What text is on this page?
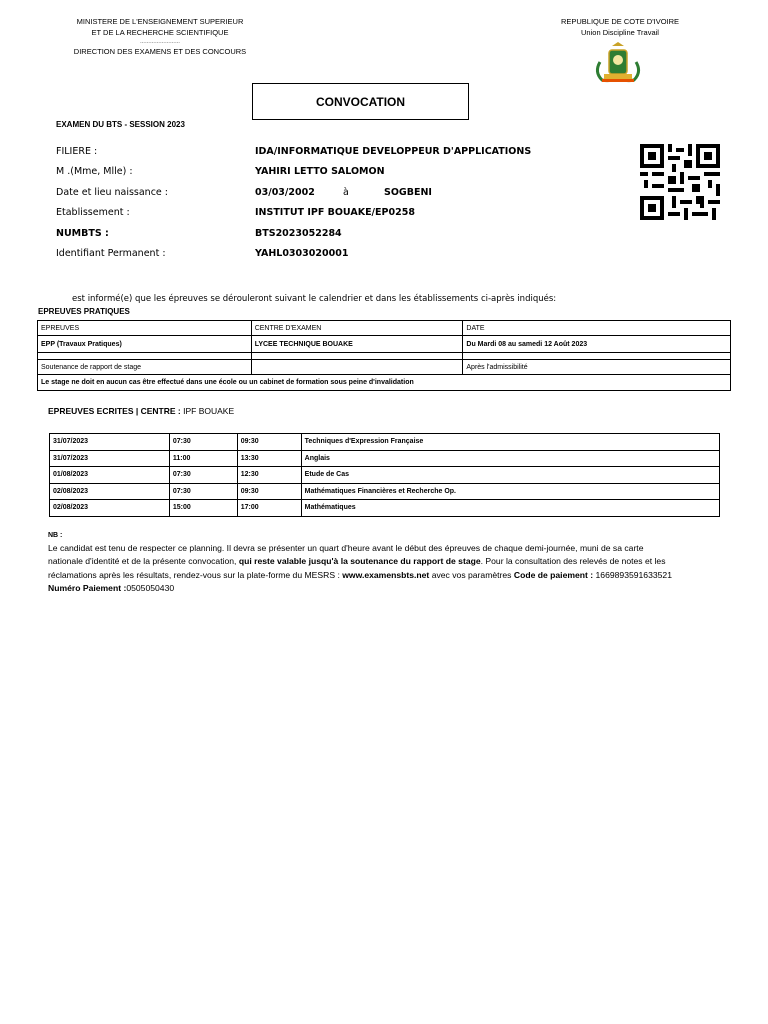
MINISTERE DE L'ENSEIGNEMENT SUPERIEUR
ET DE LA RECHERCHE SCIENTIFIQUE
……………………
DIRECTION DES EXAMENS ET DES CONCOURS
REPUBLIQUE DE COTE D'IVOIRE
Union Discipline Travail
CONVOCATION
EXAMEN DU BTS - SESSION 2023
FILIERE :	IDA/INFORMATIQUE DEVELOPPEUR D'APPLICATIONS
M .(Mme, Mlle) :	YAHIRI LETTO SALOMON
Date et lieu naissance :	03/03/2002	à	SOGBENI
Etablissement :	INSTITUT IPF BOUAKE/EP0258
NUMBTS :	BTS2023052284
Identifiant Permanent :	YAHL0303020001
est informé(e) que les épreuves se dérouleront suivant le calendrier et dans les établissements ci-après indiqués:
EPREUVES PRATIQUES
EPREUVES	CENTRE D'EXAMEN	DATE
EPP (Travaux Pratiques)	LYCEE TECHNIQUE BOUAKE	Du Mardi 08 au samedi 12 Août 2023

Soutenance de rapport de stage		Après l'admissibilité
Le stage ne doit en aucun cas être effectué dans une école ou un cabinet de formation sous peine d'invalidation		
EPREUVES ECRITES | CENTRE : IPF BOUAKE
31/07/2023	07:30	09:30	Techniques d'Expression Française
31/07/2023	11:00	13:30	Anglais
01/08/2023	07:30	12:30	Etude de Cas
02/08/2023	07:30	09:30	Mathématiques Financières et Recherche Op.
02/08/2023	15:00	17:00	Mathématiques
NB :
Le candidat est tenu de respecter ce planning. Il devra se présenter un quart d'heure avant le début des épreuves de chaque demi-journée, muni de sa carte nationale d'identité et de la présente convocation, qui reste valable jusqu'à la soutenance du rapport de stage. Pour la consultation des relevés de notes et les réclamations après les résultats, rendez-vous sur la plate-forme du MESRS : www.examensbts.net avec vos paramètres Code de paiement : 1669893591633521 Numéro Paiement :0505050430
